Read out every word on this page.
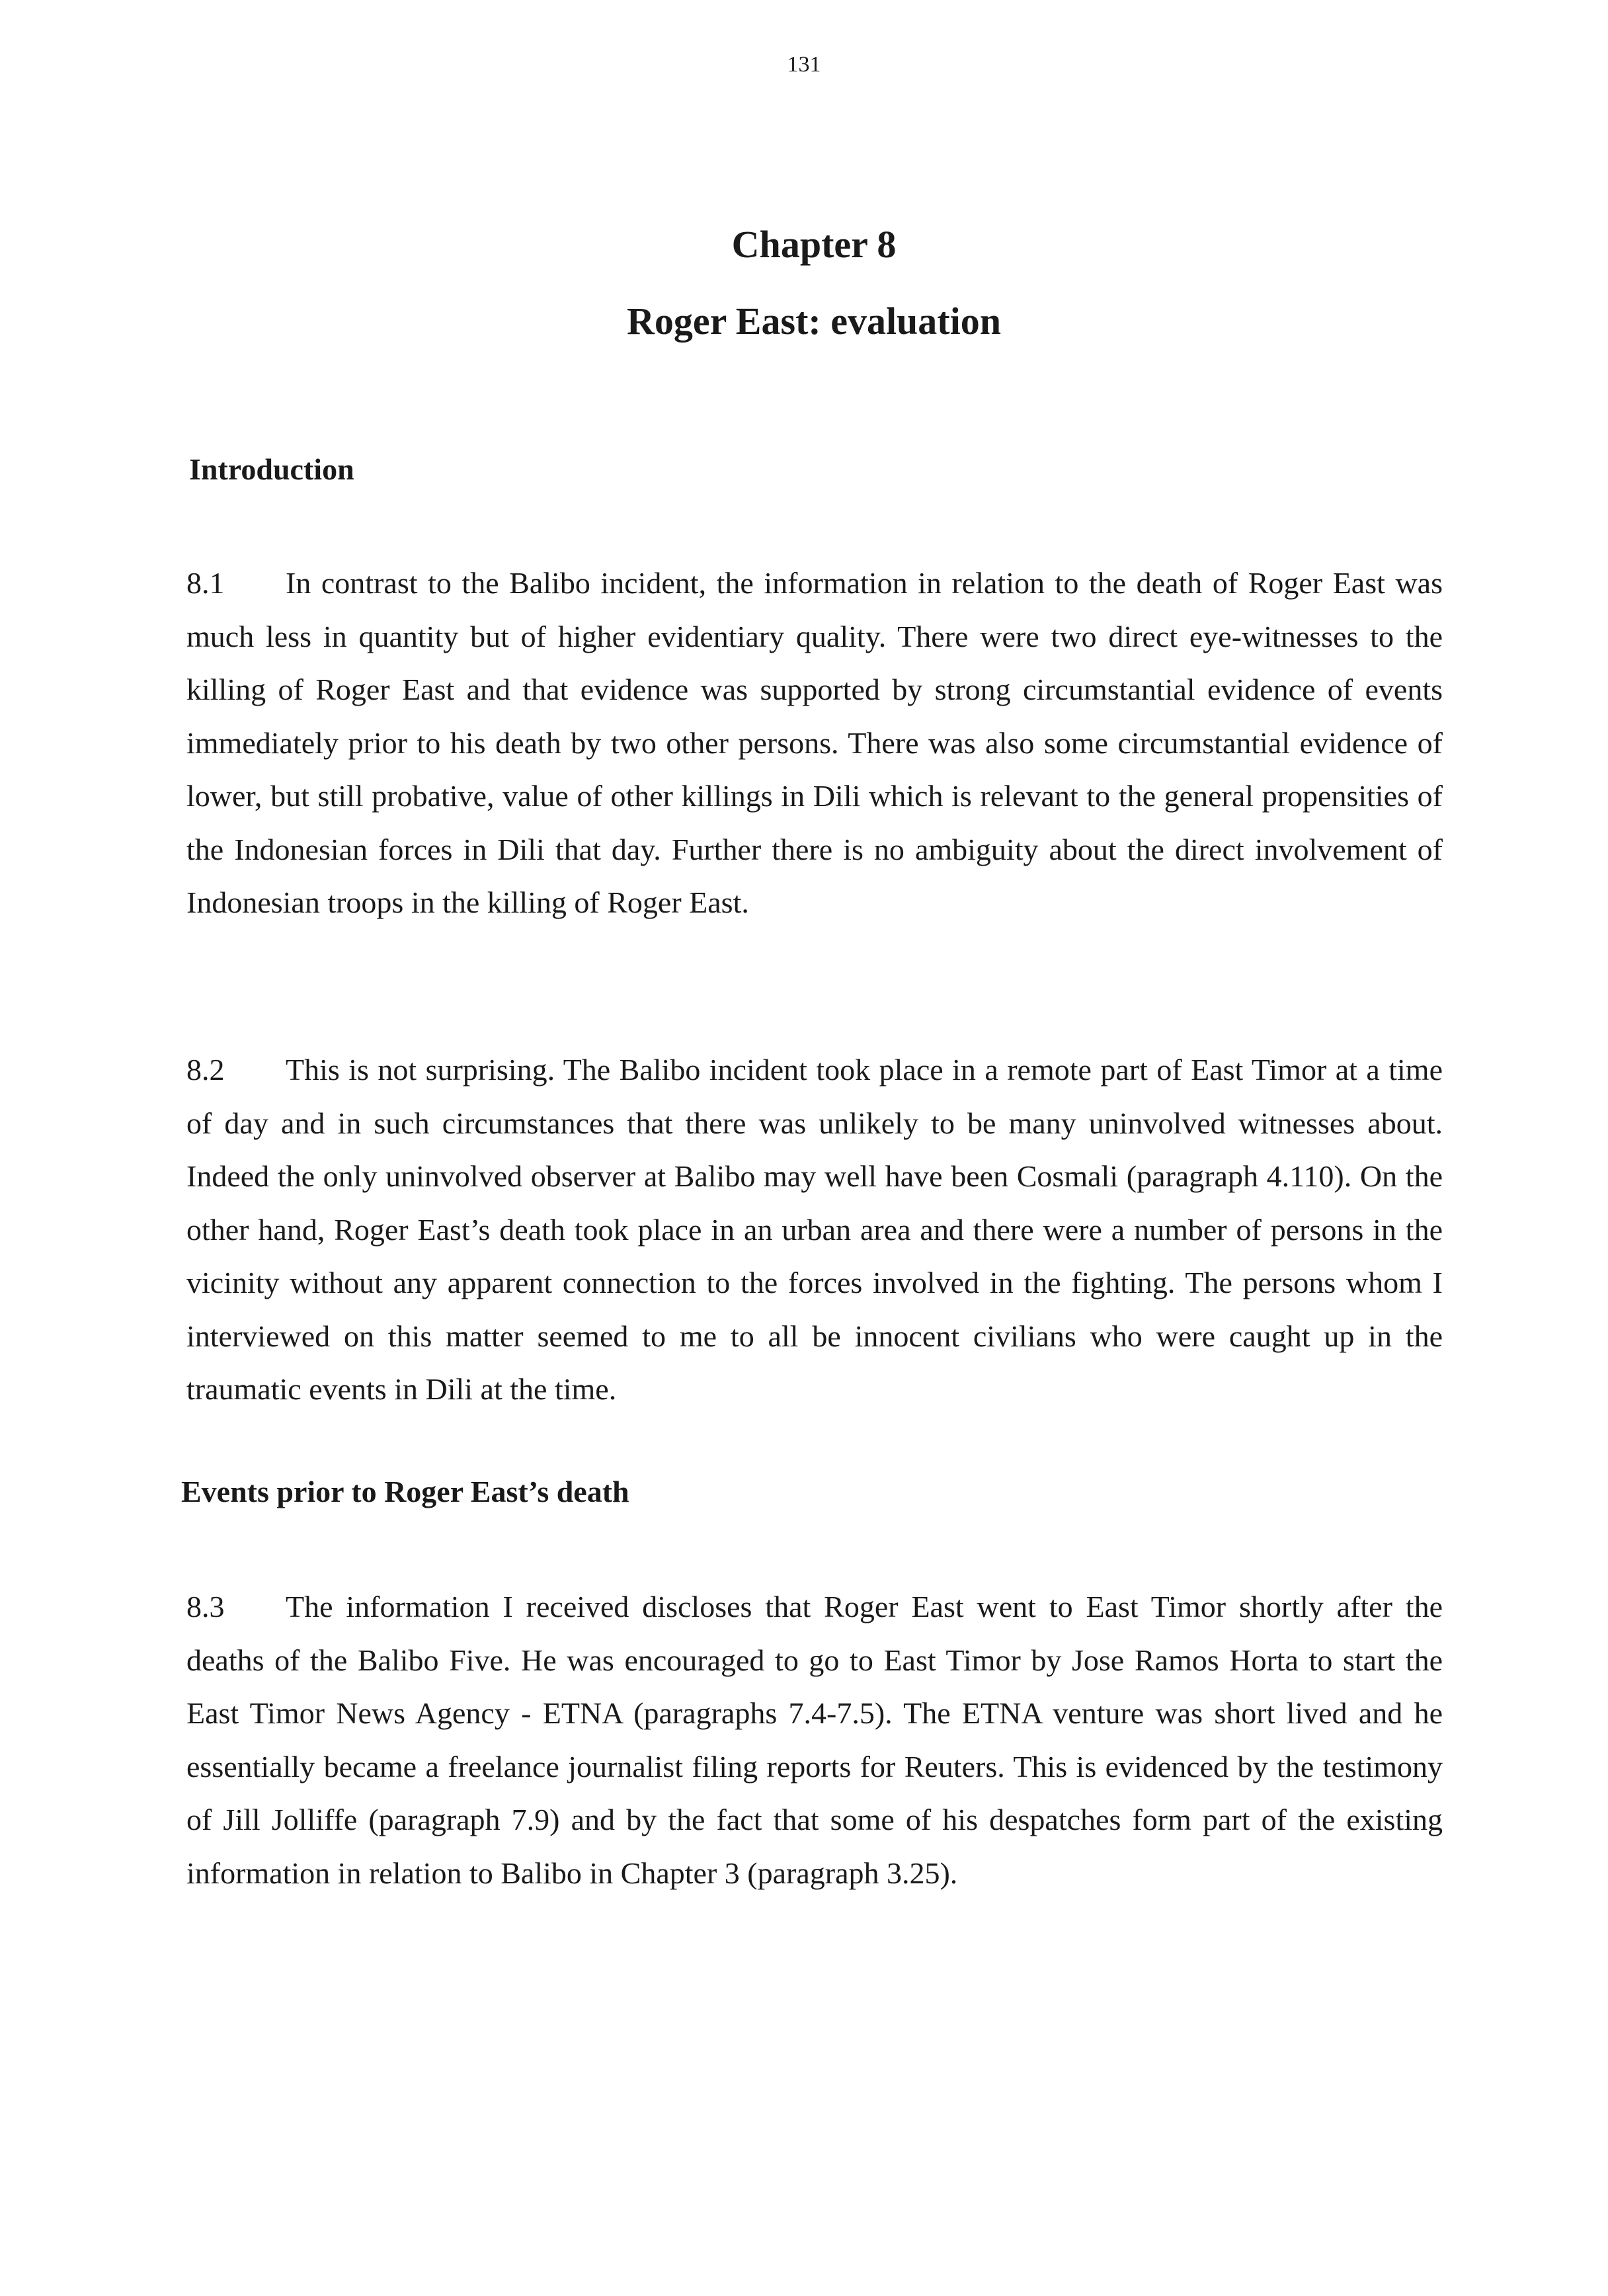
131
Chapter 8
Roger East: evaluation
Introduction

8.1 In contrast to the Balibo incident, the information in relation to the death of Roger East was much less in quantity but of higher evidentiary quality. There were two direct eye-witnesses to the killing of Roger East and that evidence was supported by strong circumstantial evidence of events immediately prior to his death by two other persons. There was also some circumstantial evidence of lower, but still probative, value of other killings in Dili which is relevant to the general propensities of the Indonesian forces in Dili that day. Further there is no ambiguity about the direct involvement of Indonesian troops in the killing of Roger East.

8.2 This is not surprising. The Balibo incident took place in a remote part of East Timor at a time of day and in such circumstances that there was unlikely to be many uninvolved witnesses about. Indeed the only uninvolved observer at Balibo may well have been Cosmali (paragraph 4.110). On the other hand, Roger East’s death took place in an urban area and there were a number of persons in the vicinity without any apparent connection to the forces involved in the fighting. The persons whom I interviewed on this matter seemed to me to all be innocent civilians who were caught up in the traumatic events in Dili at the time.

Events prior to Roger East’s death

8.3 The information I received discloses that Roger East went to East Timor shortly after the deaths of the Balibo Five. He was encouraged to go to East Timor by Jose Ramos Horta to start the East Timor News Agency - ETNA (paragraphs 7.4-7.5). The ETNA venture was short lived and he essentially became a freelance journalist filing reports for Reuters. This is evidenced by the testimony of Jill Jolliffe (paragraph 7.9) and by the fact that some of his despatches form part of the existing information in relation to Balibo in Chapter 3 (paragraph 3.25).
